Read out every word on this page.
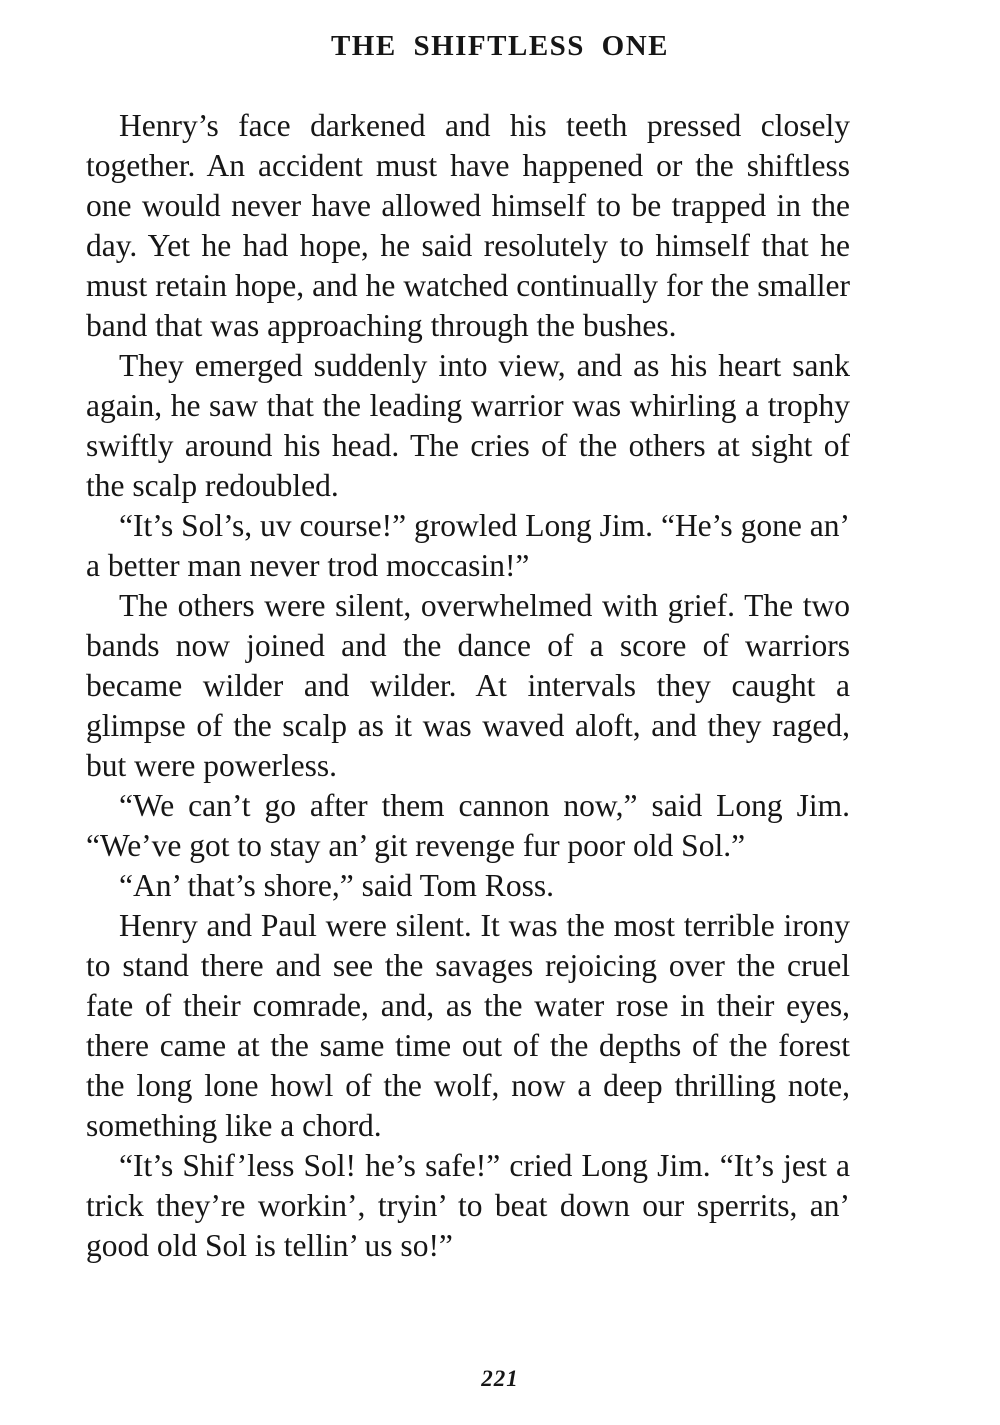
THE SHIFTLESS ONE

Henry’s face darkened and his teeth pressed closely together. An accident must have happened or the shiftless one would never have allowed himself to be trapped in the day. Yet he had hope, he said resolutely to himself that he must retain hope, and he watched continually for the smaller band that was approaching through the bushes.

They emerged suddenly into view, and as his heart sank again, he saw that the leading warrior was whirling a trophy swiftly around his head. The cries of the others at sight of the scalp redoubled.

“It’s Sol’s, uv course!” growled Long Jim. “He’s gone an’ a better man never trod moccasin!”

The others were silent, overwhelmed with grief. The two bands now joined and the dance of a score of warriors became wilder and wilder. At intervals they caught a glimpse of the scalp as it was waved aloft, and they raged, but were powerless.

“We can’t go after them cannon now,” said Long Jim. “We’ve got to stay an’ git revenge fur poor old Sol.”

“An’ that’s shore,” said Tom Ross.

Henry and Paul were silent. It was the most terrible irony to stand there and see the savages rejoicing over the cruel fate of their comrade, and, as the water rose in their eyes, there came at the same time out of the depths of the forest the long lone howl of the wolf, now a deep thrilling note, something like a chord.

“It’s Shif’less Sol! he’s safe!” cried Long Jim. “It’s jest a trick they’re workin’, tryin’ to beat down our sperrits, an’ good old Sol is tellin’ us so!”

221
